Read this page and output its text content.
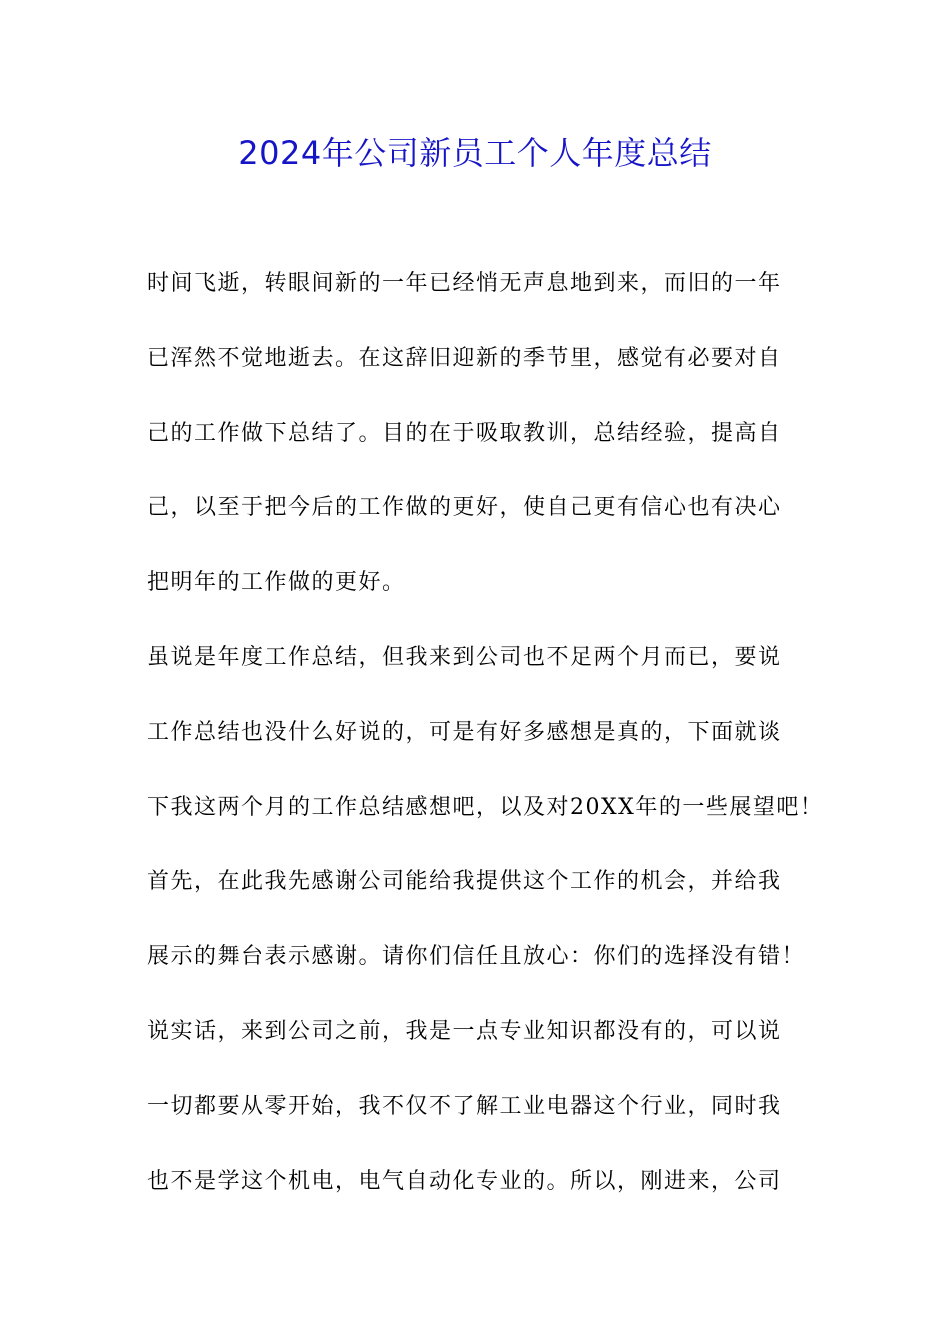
2024年公司新员工个人年度总结
时间飞逝，转眼间新的一年已经悄无声息地到来，而旧的一年
已浑然不觉地逝去。在这辞旧迎新的季节里，感觉有必要对自
己的工作做下总结了。目的在于吸取教训，总结经验，提高自
己，以至于把今后的工作做的更好，使自己更有信心也有决心
把明年的工作做的更好。
虽说是年度工作总结，但我来到公司也不足两个月而已，要说
工作总结也没什么好说的，可是有好多感想是真的，下面就谈
下我这两个月的工作总结感想吧，以及对20XX年的一些展望吧！
首先，在此我先感谢公司能给我提供这个工作的机会，并给我
展示的舞台表示感谢。请你们信任且放心：你们的选择没有错！
说实话，来到公司之前，我是一点专业知识都没有的，可以说
一切都要从零开始，我不仅不了解工业电器这个行业，同时我
也不是学这个机电，电气自动化专业的。所以，刚进来，公司
